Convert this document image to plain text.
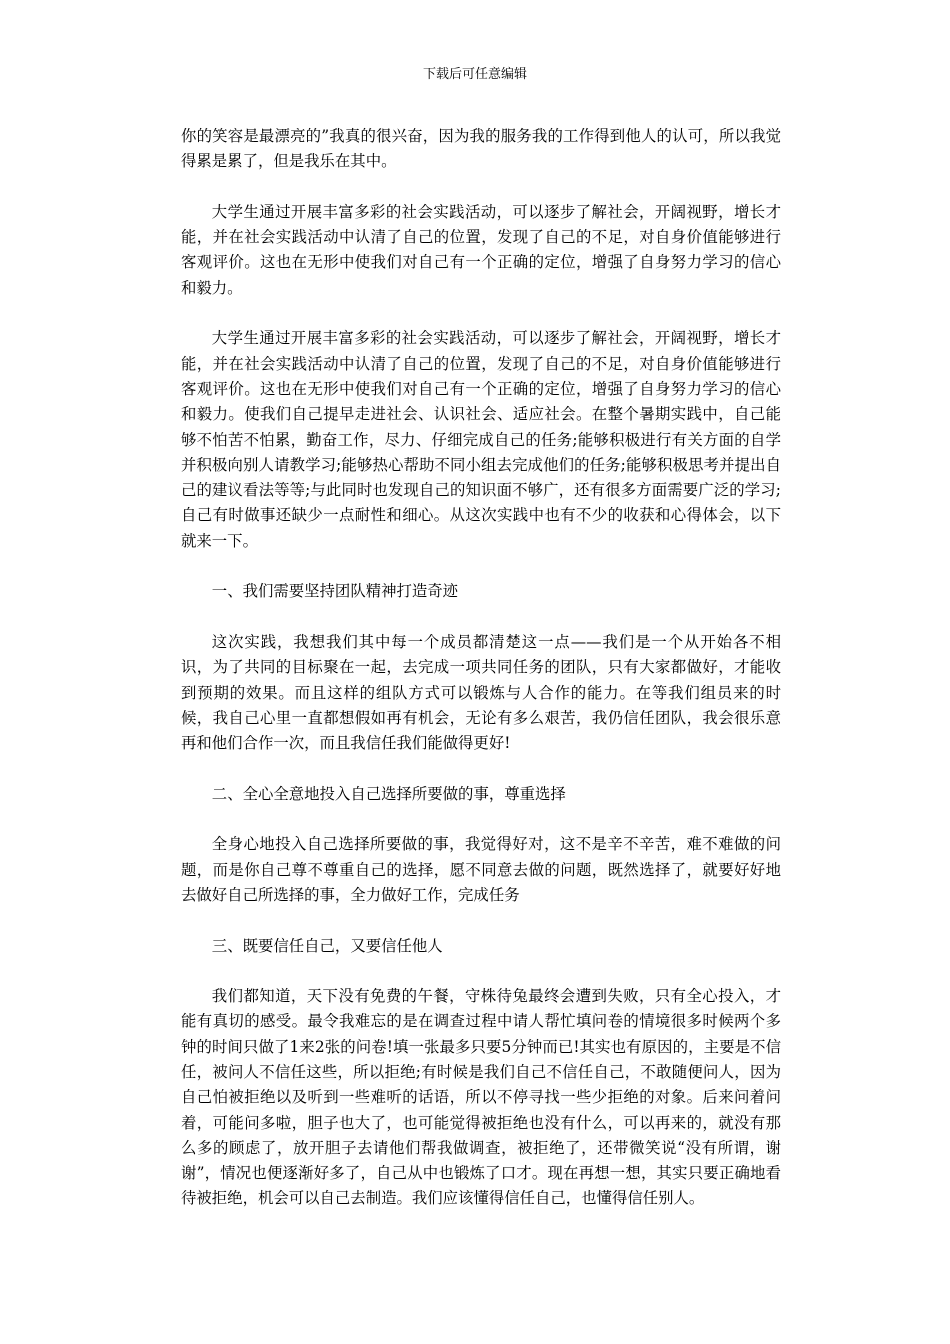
下载后可任意编辑

你的笑容是最漂亮的”我真的很兴奋，因为我的服务我的工作得到他人的认可，所以我觉得累是累了，但是我乐在其中。

大学生通过开展丰富多彩的社会实践活动，可以逐步了解社会，开阔视野，增长才能，并在社会实践活动中认清了自己的位置，发现了自己的不足，对自身价值能够进行客观评价。这也在无形中使我们对自己有一个正确的定位，增强了自身努力学习的信心和毅力。

大学生通过开展丰富多彩的社会实践活动，可以逐步了解社会，开阔视野，增长才能，并在社会实践活动中认清了自己的位置，发现了自己的不足，对自身价值能够进行客观评价。这也在无形中使我们对自己有一个正确的定位，增强了自身努力学习的信心和毅力。使我们自己提早走进社会、认识社会、适应社会。在整个暑期实践中，自己能够不怕苦不怕累，勤奋工作，尽力、仔细完成自己的任务;能够积极进行有关方面的自学并积极向别人请教学习;能够热心帮助不同小组去完成他们的任务;能够积极思考并提出自己的建议看法等等;与此同时也发现自己的知识面不够广，还有很多方面需要广泛的学习;自己有时做事还缺少一点耐性和细心。从这次实践中也有不少的收获和心得体会，以下就来一下。

一、我们需要坚持团队精神打造奇迹

这次实践，我想我们其中每一个成员都清楚这一点——我们是一个从开始各不相识，为了共同的目标聚在一起，去完成一项共同任务的团队，只有大家都做好，才能收到预期的效果。而且这样的组队方式可以锻炼与人合作的能力。在等我们组员来的时候，我自己心里一直都想假如再有机会，无论有多么艰苦，我仍信任团队，我会很乐意再和他们合作一次，而且我信任我们能做得更好!

二、全心全意地投入自己选择所要做的事，尊重选择

全身心地投入自己选择所要做的事，我觉得好对，这不是辛不辛苦，难不难做的问题，而是你自己尊不尊重自己的选择，愿不同意去做的问题，既然选择了，就要好好地去做好自己所选择的事，全力做好工作，完成任务

三、既要信任自己，又要信任他人

我们都知道，天下没有免费的午餐，守株待兔最终会遭到失败，只有全心投入，才能有真切的感受。最令我难忘的是在调查过程中请人帮忙填问卷的情境很多时候两个多钟的时间只做了1来2张的问卷!填一张最多只要5分钟而已!其实也有原因的，主要是不信任，被问人不信任这些，所以拒绝;有时候是我们自己不信任自己，不敢随便问人，因为自己怕被拒绝以及听到一些难听的话语，所以不停寻找一些少拒绝的对象。后来问着问着，可能问多啦，胆子也大了，也可能觉得被拒绝也没有什么，可以再来的，就没有那么多的顾虑了，放开胆子去请他们帮我做调查，被拒绝了，还带微笑说“没有所谓，谢谢”，情况也便逐渐好多了，自己从中也锻炼了口才。现在再想一想，其实只要正确地看待被拒绝，机会可以自己去制造。我们应该懂得信任自己，也懂得信任别人。
